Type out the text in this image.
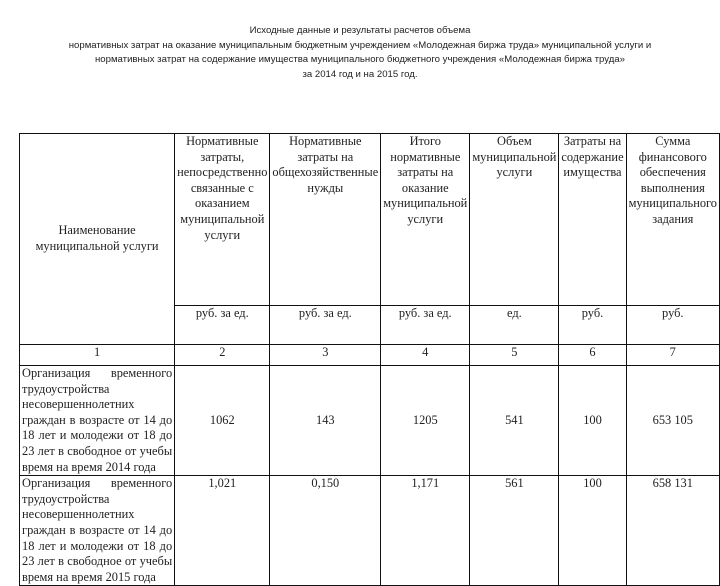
Исходные данные и результаты расчетов объема
нормативных затрат на оказание муниципальным бюджетным учреждением «Молодежная биржа труда» муниципальной услуги и
нормативных затрат на содержание имущества муниципального бюджетного учреждения «Молодежная биржа труда»
за 2014 год и на 2015 год.
Наименование муниципальной услуги	Нормативные затраты, непосредственно связанные с оказанием муниципальной услуги	Нормативные затраты на общехозяйственные нужды	Итого нормативные затраты на оказание муниципальной услуги	Объем муниципальной услуги	Затраты на содержание имущества	Сумма финансового обеспечения выполнения муниципального задания
	руб. за ед.	руб. за ед.	руб. за ед.	ед.	руб.	руб.
1	2	3	4	5	6	7
Организация временного трудоустройства несовершеннолетних граждан в возрасте от 14 до 18 лет и молодежи от 18 до 23 лет в свободное от учебы время на время 2014 года	1062	143	1205	541	100	653 105
Организация временного трудоустройства несовершеннолетних граждан в возрасте от 14 до 18 лет и молодежи от 18 до 23 лет в свободное от учебы время на время 2015 года	1,021	0,150	1,171	561	100	658 131
